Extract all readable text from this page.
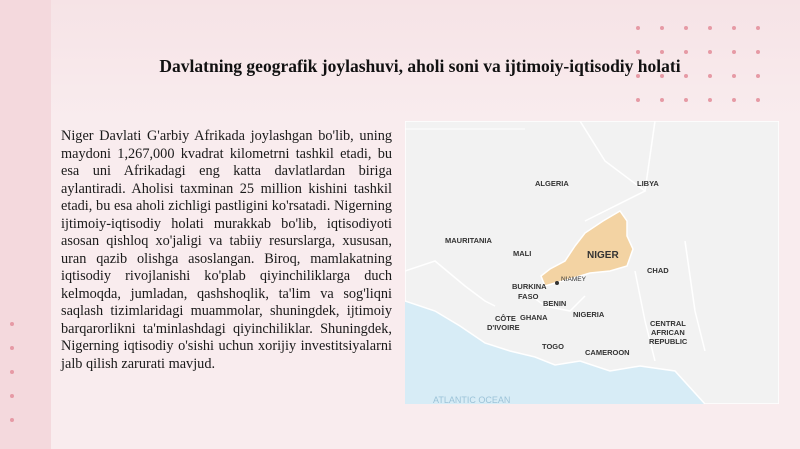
Davlatning geografik joylashuvi, aholi soni va ijtimoiy-iqtisodiy holati
Niger Davlati G'arbiy Afrikada joylashgan bo'lib, uning maydoni 1,267,000 kvadrat kilometrni tashkil etadi, bu esa uni Afrikadagi eng katta davlatlardan biriga aylantiradi. Aholisi taxminan 25 million kishini tashkil etadi, bu esa aholi zichligi pastligini ko'rsatadi. Nigerning ijtimoiy-iqtisodiy holati murakkab bo'lib, iqtisodiyoti asosan qishloq xo'jaligi va tabiiy resurslarga, xususan, uran qazib olishga asoslangan. Biroq, mamlakatning iqtisodiy rivojlanishi ko'plab qiyinchiliklarga duch kelmoqda, jumladan, qashshoqlik, ta'lim va sog'liqni saqlash tizimlaridagi muammolar, shuningdek, ijtimoiy barqarorlikni ta'minlashdagi qiyinchiliklar. Shuningdek, Nigerning iqtisodiy o'sishi uchun xorijiy investitsiyalarni jalb qilish zarurati mavjud.
ALGERIA	LIBYA
MAURITANIA
MALI	NIGER
NIAMEY
CHAD
BURKINA
FASO
BENIN
NIGERIA
GHANA
CÔTE
D'IVOIRE
TOGO
CENTRAL
AFRICAN
REPUBLIC
CAMEROON
ATLANTIC OCEAN
